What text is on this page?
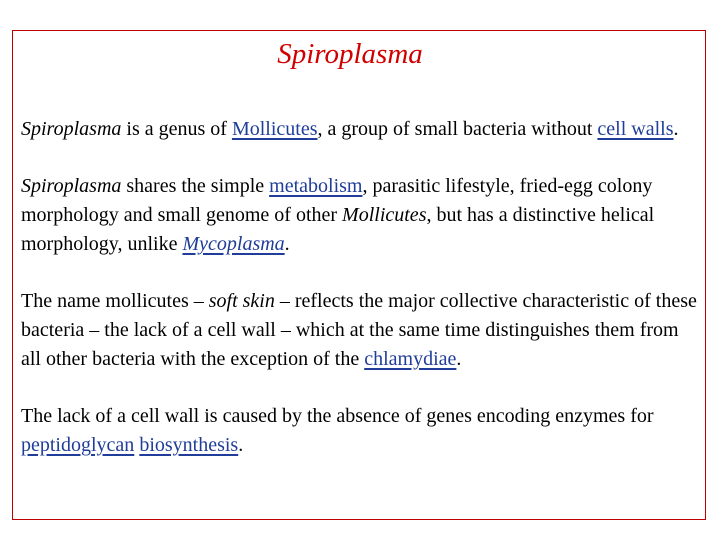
Spiroplasma

Spiroplasma is a genus of Mollicutes, a group of small bacteria without cell walls.

Spiroplasma shares the simple metabolism, parasitic lifestyle, fried-egg colony morphology and small genome of other Mollicutes, but has a distinctive helical morphology, unlike Mycoplasma.

The name mollicutes – soft skin – reflects the major collective characteristic of these bacteria – the lack of a cell wall – which at the same time distinguishes them from all other bacteria with the exception of the chlamydiae.

The lack of a cell wall is caused by the absence of genes encoding enzymes for peptidoglycan biosynthesis.
